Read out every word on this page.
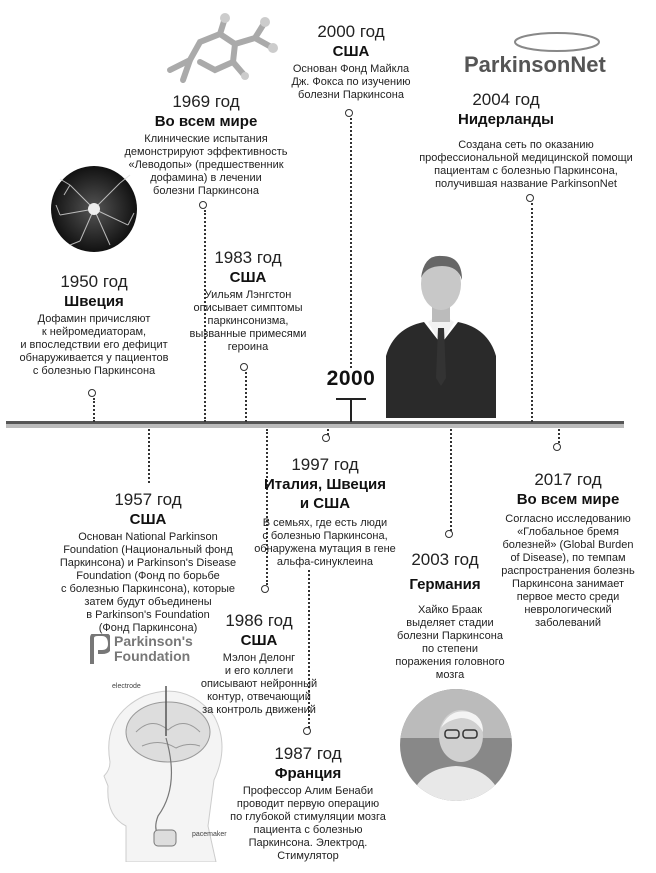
electrode
pacemaker
ParkinsonNet
Parkinson's
Foundation
2000
1969 год
Во всем мире
Клинические испытания
демонстрируют эффективность
«Леводопы» (предшественник
дофамина) в лечении
болезни Паркинсона
2000 год
США
Основан Фонд Майкла
Дж. Фокса по изучению
болезни Паркинсона	2004 год
Нидерланды
Создана сеть по оказанию
профессиональной медицинской помощи
пациентам с болезнью Паркинсона,
получившая название ParkinsonNet
1950 год
Швеция
Дофамин причисляют
к нейромедиаторам,
и впоследствии его дефицит
обнаруживается у пациентов
с болезнью Паркинсона
1983 год
США
Уильям Лэнгстон
описывает симптомы
паркинсонизма,
вызванные примесями
героина
1957 год
США
Основан National Parkinson
Foundation (Национальный фонд
Паркинсона) и Parkinson's Disease
Foundation (Фонд по борьбе
с болезнью Паркинсона), которые
затем будут объединены
в Parkinson's Foundation
(Фонд Паркинсона)
1997 год
Италия, Швеция
и США
В семьях, где есть люди
с болезнью Паркинсона,
обнаружена мутация в гене
альфа-синуклеина
2017 год
Во всем мире
Согласно исследованию
«Глобальное бремя
болезней» (Global Burden
of Disease), по темпам
распространения болезнь
Паркинсона занимает
первое место среди
неврологический
заболеваний
2003 год
Германия
Хайко Браак
выделяет стадии
болезни Паркинсона
по степени
поражения головного
мозга
1986 год
США
Мэлон Делонг
и его коллеги
описывают нейронный
контур, отвечающий
за контроль движений
1987 год
Франция
Профессор Алим Бенаби
проводит первую операцию
по глубокой стимуляции мозга
пациента с болезнью
Паркинсона. Электрод.
Стимулятор
